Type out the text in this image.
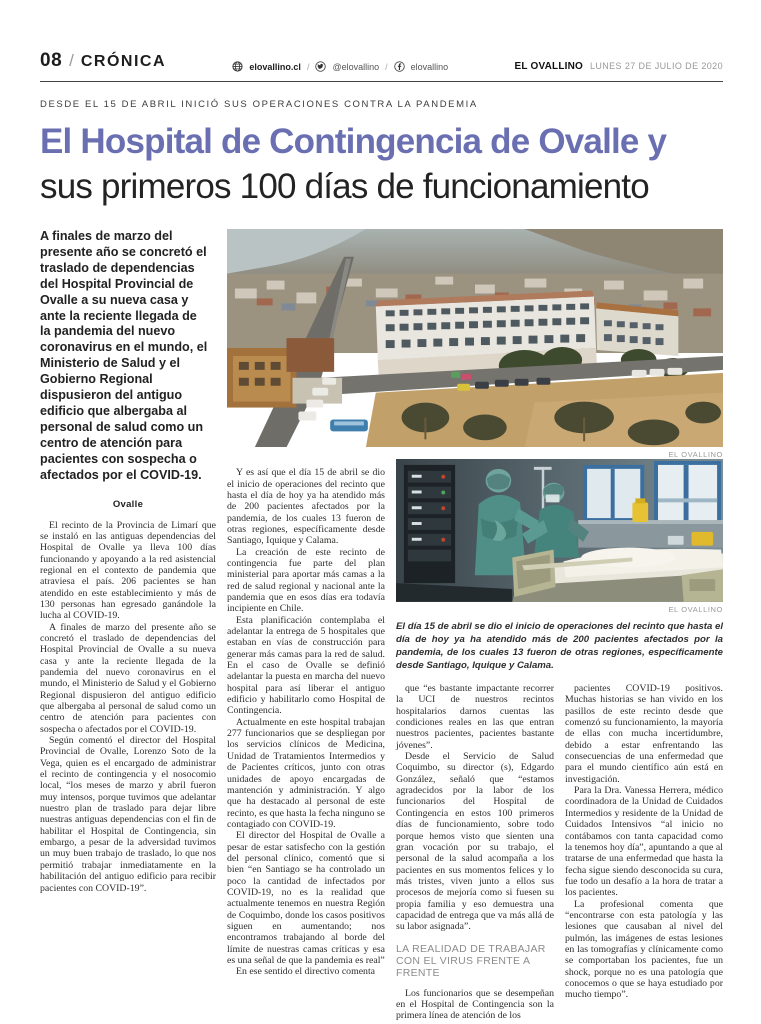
08 / CRÓNICA	elovallino.cl /	@elovallino /	elovallino	EL OVALLINO LUNES 27 DE JULIO DE 2020
DESDE EL 15 DE ABRIL INICIÓ SUS OPERACIONES CONTRA LA PANDEMIA
El Hospital de Contingencia de Ovalle y
sus primeros 100 días de funcionamiento

A finales de marzo del presente año se concretó el traslado de dependencias del Hospital Provincial de Ovalle a su nueva casa y ante la reciente llegada de la pandemia del nuevo coronavirus en el mundo, el Ministerio de Salud y el Gobierno Regional dispusieron del antiguo edificio que albergaba al personal de salud como un centro de atención para pacientes con sospecha o afectados por el COVID-19.

Ovalle

El recinto de la Provincia de Limarí que se instaló en las antiguas dependencias del Hospital de Ovalle ya lleva 100 días funcionando y apoyando a la red asistencial regional en el contexto de pandemia que atraviesa el país. 206 pacientes se han atendido en este establecimiento y más de 130 personas han egresado ganándole la lucha al COVID-19.

A finales de marzo del presente año se concretó el traslado de dependencias del Hospital Provincial de Ovalle a su nueva casa y ante la reciente llegada de la pandemia del nuevo coronavirus en el mundo, el Ministerio de Salud y el Gobierno Regional dispusieron del antiguo edificio que albergaba al personal de salud como un centro de atención para pacientes con sospecha o afectados por el COVID-19.

Según comentó el director del Hospital Provincial de Ovalle, Lorenzo Soto de la Vega, quien es el encargado de administrar el recinto de contingencia y el nosocomio local, “los meses de marzo y abril fueron muy intensos, porque tuvimos que adelantar nuestro plan de traslado para dejar libre nuestras antiguas dependencias con el fin de habilitar el Hospital de Contingencia, sin embargo, a pesar de la adversidad tuvimos un muy buen trabajo de traslado, lo que nos permitió trabajar inmediatamente en la habilitación del antiguo edificio para recibir pacientes con COVID-19”.

EL OVALLINO

Y es así que el día 15 de abril se dio el inicio de operaciones del recinto que hasta el día de hoy ya ha atendido más de 200 pacientes afectados por la pandemia, de los cuales 13 fueron de otras regiones, específicamente desde Santiago, Iquique y Calama.

La creación de este recinto de contingencia fue parte del plan ministerial para aportar más camas a la red de salud regional y nacional ante la pandemia que en esos días era todavía incipiente en Chile.

Esta planificación contemplaba el adelantar la entrega de 5 hospitales que estaban en vías de construcción para generar más camas para la red de salud. En el caso de Ovalle se definió adelantar la puesta en marcha del nuevo hospital para así liberar el antiguo edificio y habilitarlo como Hospital de Contingencia.

Actualmente en este hospital trabajan 277 funcionarios que se despliegan por los servicios clínicos de Medicina, Unidad de Tratamientos Intermedios y de Pacientes críticos, junto con otras unidades de apoyo encargadas de mantención y administración. Y algo que ha destacado al personal de este recinto, es que hasta la fecha ninguno se contagiado con COVID-19.

El director del Hospital de Ovalle a pesar de estar satisfecho con la gestión del personal clínico, comentó que si bien “en Santiago se ha controlado un poco la cantidad de infectados por COVID-19, no es la realidad que actualmente tenemos en nuestra Región de Coquimbo, donde los casos positivos siguen en aumentando; nos encontramos trabajando al borde del límite de nuestras camas críticas y esa es una señal de que la pandemia es real”

En ese sentido el directivo comenta

EL OVALLINO

El día 15 de abril se dio el inicio de operaciones del recinto que hasta el día de hoy ya ha atendido más de 200 pacientes afectados por la pandemia, de los cuales 13 fueron de otras regiones, específicamente desde Santiago, Iquique y Calama.

que “es bastante impactante recorrer la UCI de nuestros recintos hospitalarios darnos cuentas las condiciones reales en las que entran nuestros pacientes, pacientes bastante jóvenes”.

Desde el Servicio de Salud Coquimbo, su director (s), Edgardo González, señaló que “estamos agradecidos por la labor de los funcionarios del Hospital de Contingencia en estos 100 primeros días de funcionamiento, sobre todo porque hemos visto que sienten una gran vocación por su trabajo, el personal de la salud acompaña a los pacientes en sus momentos felices y lo más tristes, viven junto a ellos sus procesos de mejoría como si fuesen su propia familia y eso demuestra una capacidad de entrega que va más allá de su labor asignada”.

LA REALIDAD DE TRABAJAR CON EL VIRUS FRENTE A FRENTE

Los funcionarios que se desempeñan en el Hospital de Contingencia son la primera línea de atención de los

pacientes COVID-19 positivos. Muchas historias se han vivido en los pasillos de este recinto desde que comenzó su funcionamiento, la mayoría de ellas con mucha incertidumbre, debido a estar enfrentando las consecuencias de una enfermedad que para el mundo científico aún está en investigación.

Para la Dra. Vanessa Herrera, médico coordinadora de la Unidad de Cuidados Intermedios y residente de la Unidad de Cuidados Intensivos “al inicio no contábamos con tanta capacidad como la tenemos hoy día”, apuntando a que al tratarse de una enfermedad que hasta la fecha sigue siendo desconocida su cura, fue todo un desafío a la hora de tratar a los pacientes.

La profesional comenta que “encontrarse con esta patología y las lesiones que causaban al nivel del pulmón, las imágenes de estas lesiones en las tomografías y clínicamente como se comportaban los pacientes, fue un shock, porque no es una patología que conocemos o que se haya estudiado por mucho tiempo”.
